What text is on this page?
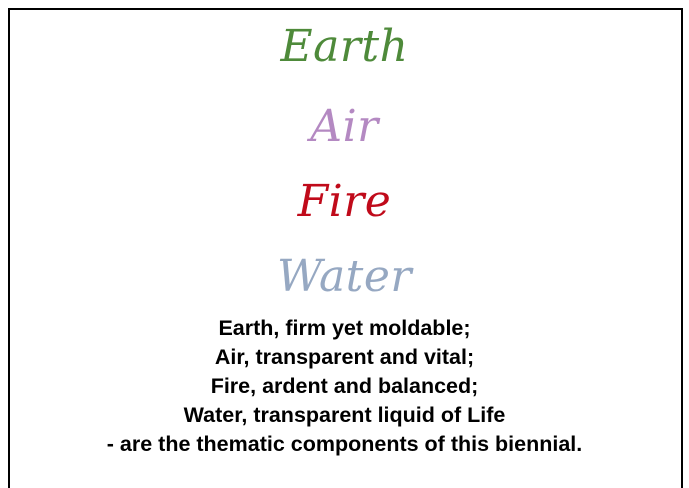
Earth
Air
Fire
Water
Earth, firm yet moldable;
Air, transparent and vital;
Fire, ardent and balanced;
Water, transparent liquid of Life
- are the thematic components of this biennial.
